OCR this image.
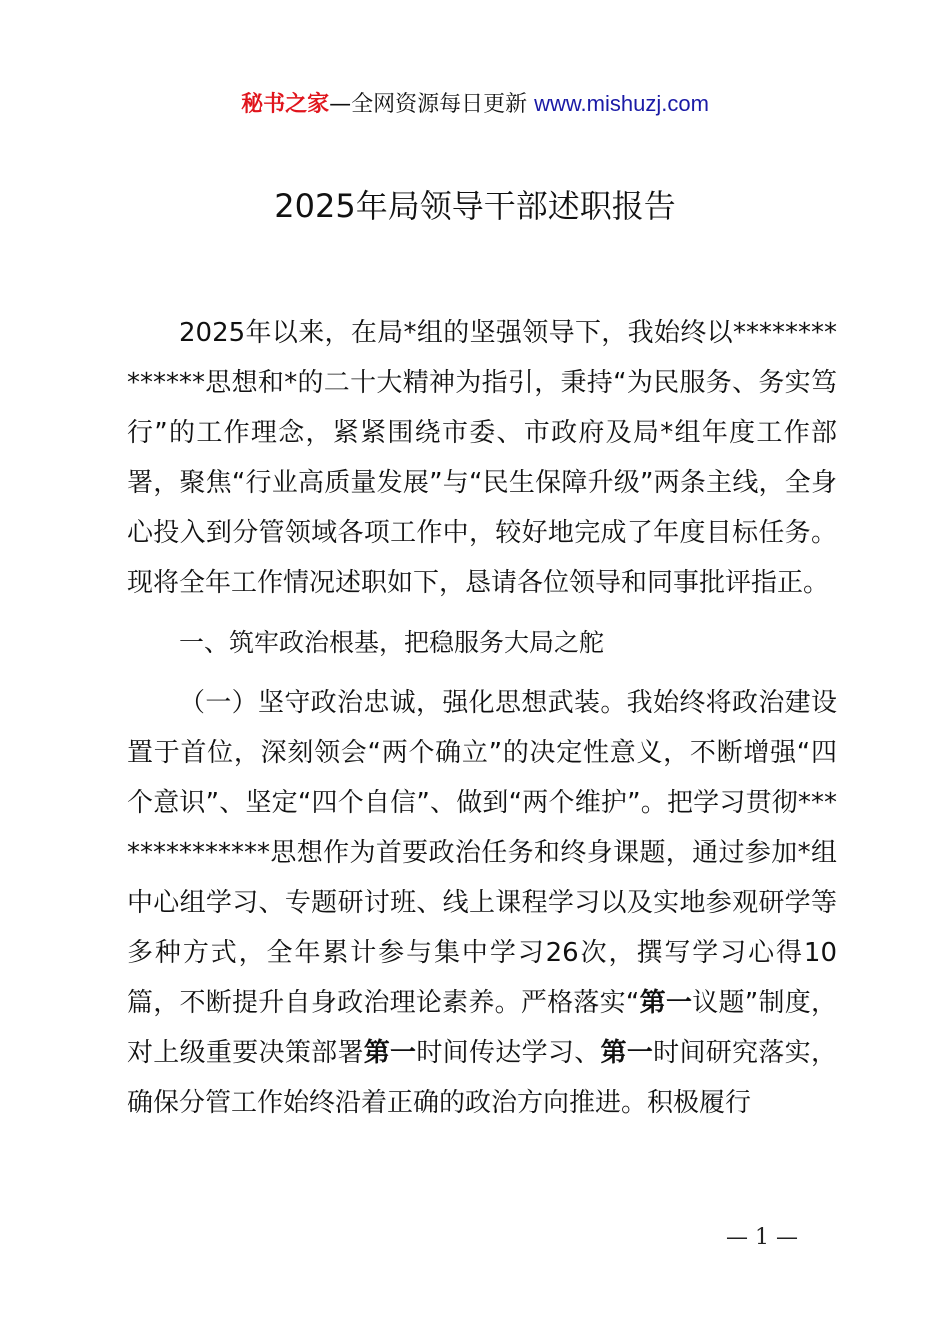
秘书之家—全网资源每日更新 www.mishuzj.com
2025年局领导干部述职报告

2025年以来，在局*组的坚强领导下，我始终以**************思想和*的二十大精神为指引，秉持“为民服务、务实笃行”的工作理念，紧紧围绕市委、市政府及局*组年度工作部署，聚焦“行业高质量发展”与“民生保障升级”两条主线，全身心投入到分管领域各项工作中，较好地完成了年度目标任务。现将全年工作情况述职如下，恳请各位领导和同事批评指正。

一、筑牢政治根基，把稳服务大局之舵

（一）坚守政治忠诚，强化思想武装。我始终将政治建设置于首位，深刻领会“两个确立”的决定性意义，不断增强“四个意识”、坚定“四个自信”、做到“两个维护”。把学习贯彻**************思想作为首要政治任务和终身课题，通过参加*组中心组学习、专题研讨班、线上课程学习以及实地参观研学等多种方式，全年累计参与集中学习26次，撰写学习心得10篇，不断提升自身政治理论素养。严格落实“第一议题”制度，对上级重要决策部署第一时间传达学习、第一时间研究落实，确保分管工作始终沿着正确的政治方向推进。积极履行

— 1 —
